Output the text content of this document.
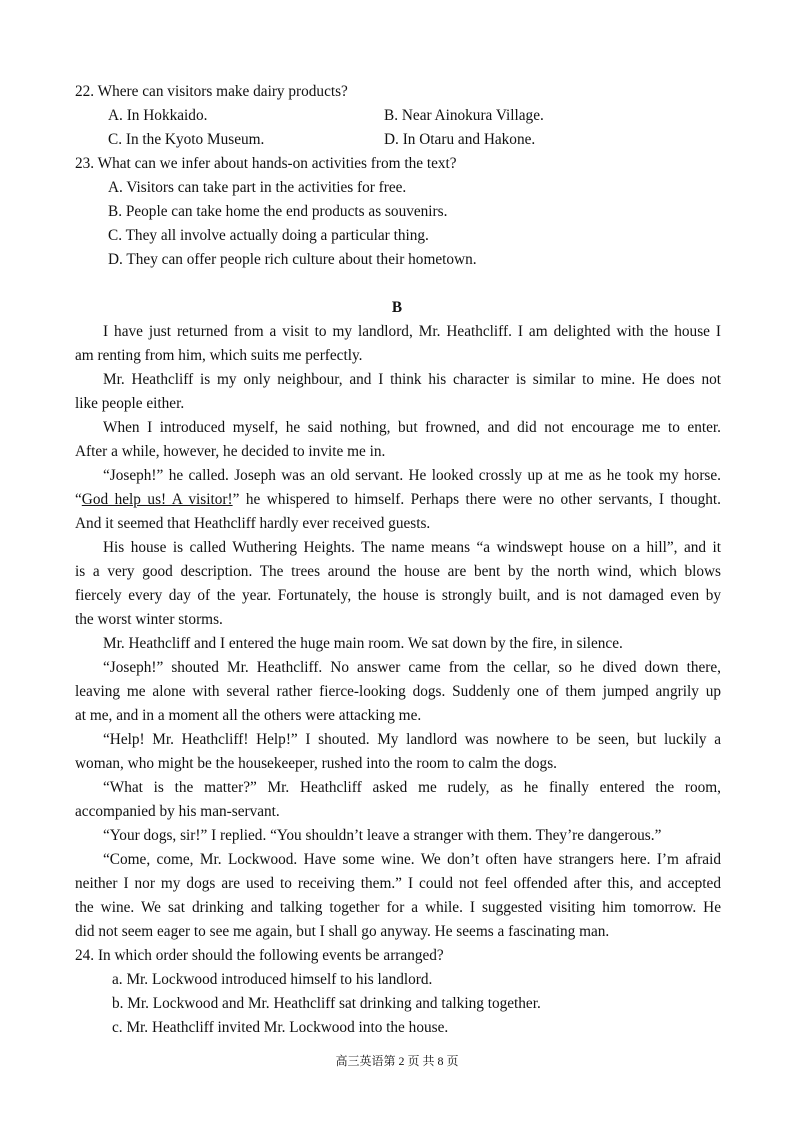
22. Where can visitors make dairy products?
A. In Hokkaido.	B. Near Ainokura Village.
C. In the Kyoto Museum.	D. In Otaru and Hakone.
23. What can we infer about hands-on activities from the text?
A. Visitors can take part in the activities for free.
B. People can take home the end products as souvenirs.
C. They all involve actually doing a particular thing.
D. They can offer people rich culture about their hometown.
B
I have just returned from a visit to my landlord, Mr. Heathcliff. I am delighted with the house I
am renting from him, which suits me perfectly.
Mr. Heathcliff is my only neighbour, and I think his character is similar to mine. He does not
like people either.
When I introduced myself, he said nothing, but frowned, and did not encourage me to enter.
After a while, however, he decided to invite me in.
“Joseph!” he called. Joseph was an old servant. He looked crossly up at me as he took my horse.
“God help us! A visitor!” he whispered to himself. Perhaps there were no other servants, I thought.
And it seemed that Heathcliff hardly ever received guests.
His house is called Wuthering Heights. The name means “a windswept house on a hill”, and it
is a very good description. The trees around the house are bent by the north wind, which blows
fiercely every day of the year. Fortunately, the house is strongly built, and is not damaged even by
the worst winter storms.
Mr. Heathcliff and I entered the huge main room. We sat down by the fire, in silence.
“Joseph!” shouted Mr. Heathcliff. No answer came from the cellar, so he dived down there,
leaving me alone with several rather fierce-looking dogs. Suddenly one of them jumped angrily up
at me, and in a moment all the others were attacking me.
“Help! Mr. Heathcliff! Help!” I shouted. My landlord was nowhere to be seen, but luckily a
woman, who might be the housekeeper, rushed into the room to calm the dogs.
“What is the matter?” Mr. Heathcliff asked me rudely, as he finally entered the room,
accompanied by his man-servant.
“Your dogs, sir!” I replied. “You shouldn’t leave a stranger with them. They’re dangerous.”
“Come, come, Mr. Lockwood. Have some wine. We don’t often have strangers here. I’m afraid
neither I nor my dogs are used to receiving them.” I could not feel offended after this, and accepted
the wine. We sat drinking and talking together for a while. I suggested visiting him tomorrow. He
did not seem eager to see me again, but I shall go anyway. He seems a fascinating man.
24. In which order should the following events be arranged?
a. Mr. Lockwood introduced himself to his landlord.
b. Mr. Lockwood and Mr. Heathcliff sat drinking and talking together.
c. Mr. Heathcliff invited Mr. Lockwood into the house.
高三英语第 2 页 共 8 页
